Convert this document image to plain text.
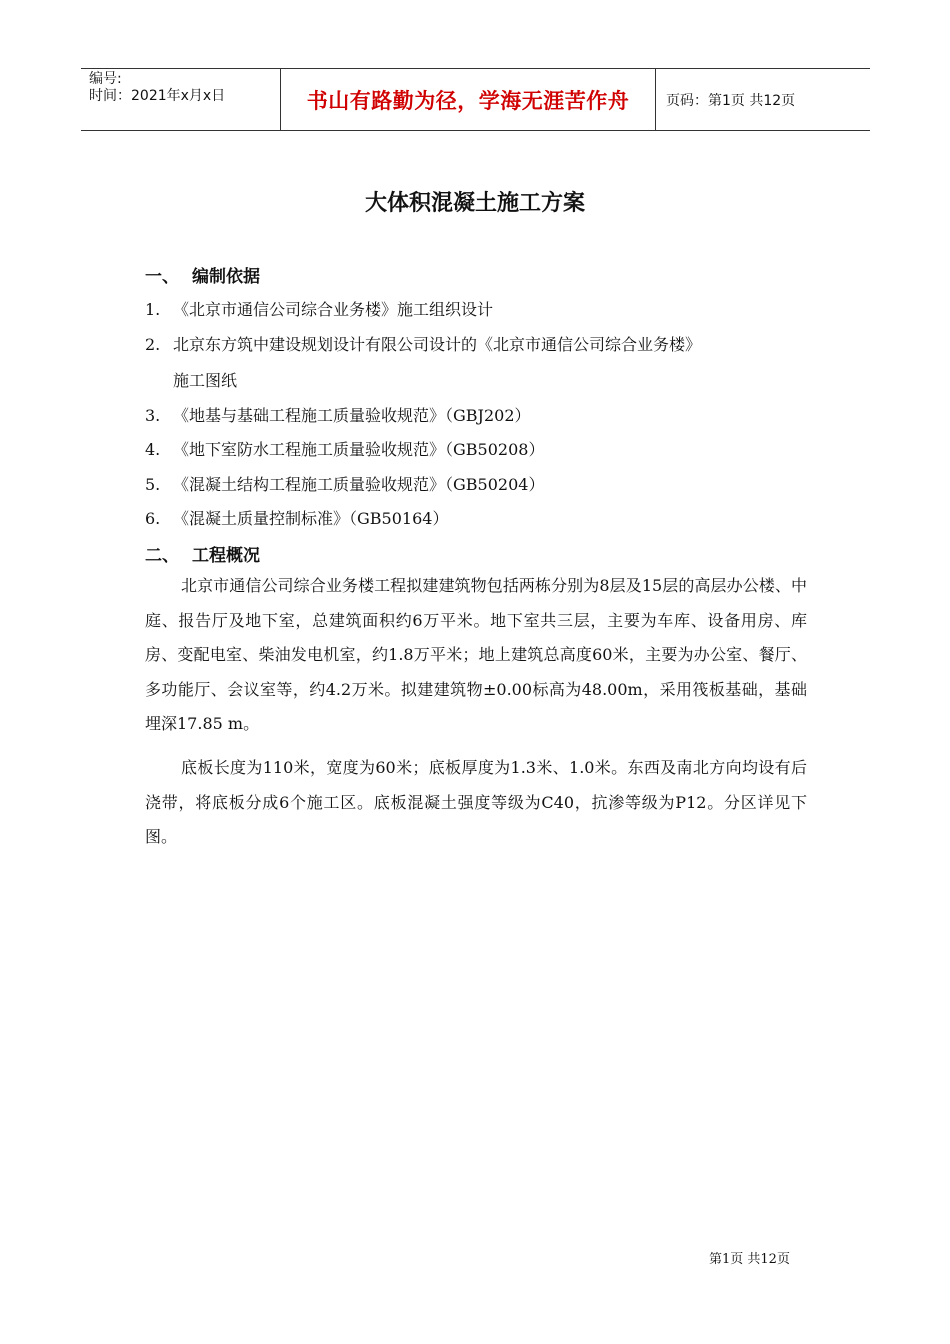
编号:
时间：2021年x月x日	书山有路勤为径，学海无涯苦作舟	页码：第1页 共12页
大体积混凝土施工方案
一、 编制依据
1. 《北京市通信公司综合业务楼》施工组织设计
2. 北京东方筑中建设规划设计有限公司设计的《北京市通信公司综合业务楼》
施工图纸
3. 《地基与基础工程施工质量验收规范》（GBJ202）
4. 《地下室防水工程施工质量验收规范》（GB50208）
5. 《混凝土结构工程施工质量验收规范》（GB50204）
6. 《混凝土质量控制标准》（GB50164）
二、 工程概况
北京市通信公司综合业务楼工程拟建建筑物包括两栋分别为8层及15层的高层办公楼、中庭、报告厅及地下室，总建筑面积约6万平米。地下室共三层，主要为车库、设备用房、库房、变配电室、柴油发电机室，约1.8万平米；地上建筑总高度60米，主要为办公室、餐厅、多功能厅、会议室等，约4.2万米。拟建建筑物±0.00标高为48.00m，采用筏板基础，基础埋深17.85 m。
底板长度为110米，宽度为60米；底板厚度为1.3米、1.0米。东西及南北方向均设有后浇带，将底板分成6个施工区。底板混凝土强度等级为C40，抗渗等级为P12。分区详见下图。
第1页 共12页
